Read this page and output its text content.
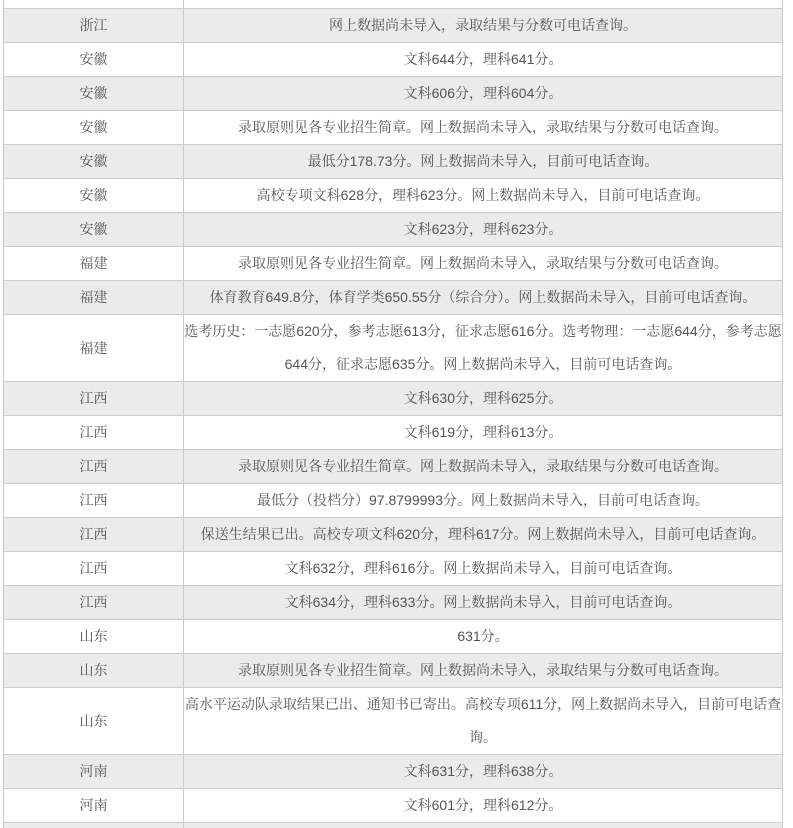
浙江	网上数据尚未导入，录取结果与分数可电话查询。
安徽	文科644分，理科641分。
安徽	文科606分，理科604分。
安徽	录取原则见各专业招生简章。网上数据尚未导入，录取结果与分数可电话查询。
安徽	最低分178.73分。网上数据尚未导入，目前可电话查询。
安徽	高校专项文科628分，理科623分。网上数据尚未导入，目前可电话查询。
安徽	文科623分，理科623分。
福建	录取原则见各专业招生简章。网上数据尚未导入，录取结果与分数可电话查询。
福建	体育教育649.8分，体育学类650.55分（综合分）。网上数据尚未导入，目前可电话查询。
福建	选考历史：一志愿620分，参考志愿613分，征求志愿616分。选考物理：一志愿644分，参考志愿644分，征求志愿635分。网上数据尚未导入，目前可电话查询。
江西	文科630分，理科625分。
江西	文科619分，理科613分。
江西	录取原则见各专业招生简章。网上数据尚未导入，录取结果与分数可电话查询。
江西	最低分（投档分）97.8799993分。网上数据尚未导入，目前可电话查询。
江西	保送生结果已出。高校专项文科620分，理科617分。网上数据尚未导入，目前可电话查询。
江西	文科632分，理科616分。网上数据尚未导入，目前可电话查询。
江西	文科634分，理科633分。网上数据尚未导入，目前可电话查询。
山东	631分。
山东	录取原则见各专业招生简章。网上数据尚未导入，录取结果与分数可电话查询。
山东	高水平运动队录取结果已出、通知书已寄出。高校专项611分，网上数据尚未导入，目前可电话查询。
河南	文科631分，理科638分。
河南	文科601分，理科612分。
